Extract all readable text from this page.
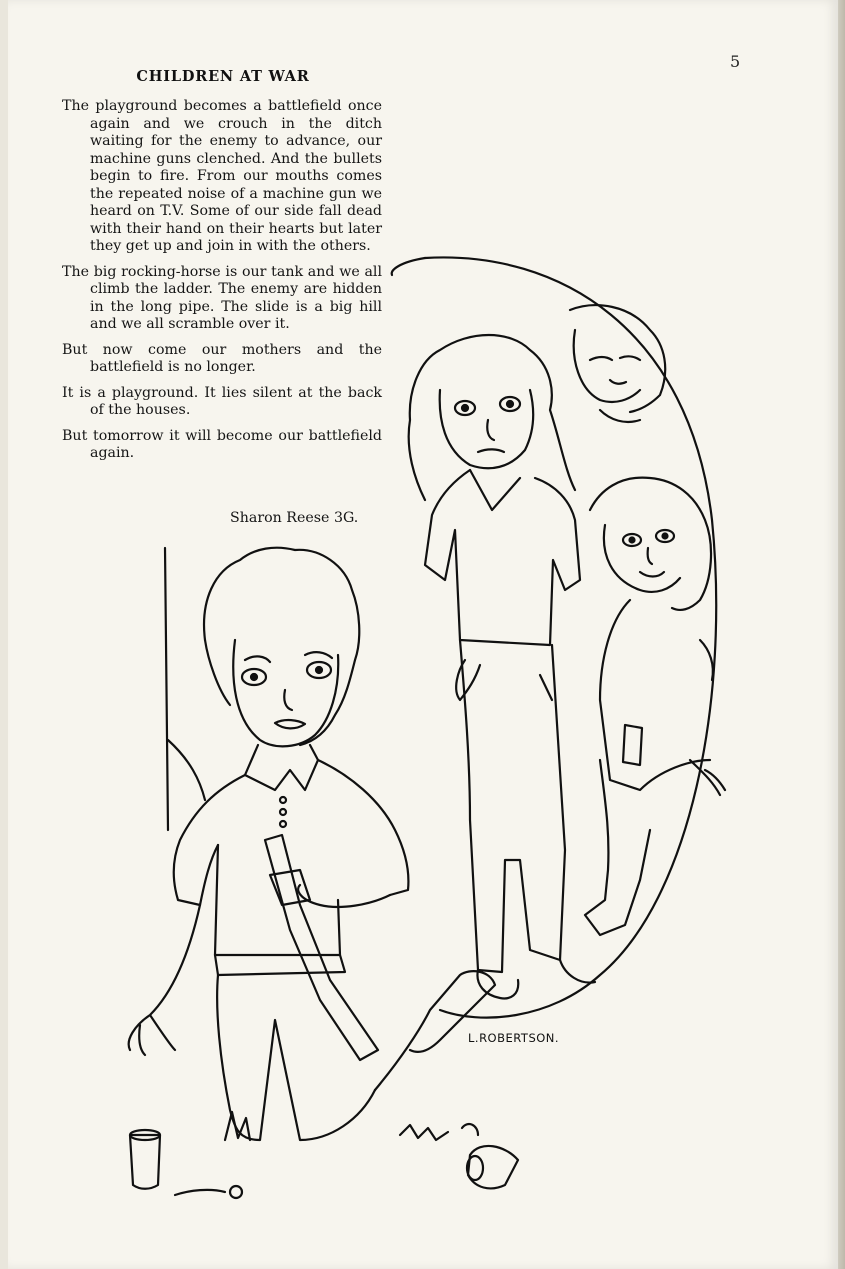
5
CHILDREN AT WAR

The playground becomes a battlefield once again and we crouch in the ditch waiting for the enemy to advance, our machine guns clenched. And the bullets begin to fire. From our mouths comes the repeated noise of a machine gun we heard on T.V. Some of our side fall dead with their hand on their hearts but later they get up and join in with the others.

The big rocking-horse is our tank and we all climb the ladder. The enemy are hidden in the long pipe. The slide is a big hill and we all scramble over it.

But now come our mothers and the battlefield is no longer.

It is a playground. It lies silent at the back of the houses.

But tomorrow it will become our battlefield again.

Sharon Reese 3G.
L.ROBERTSON.
